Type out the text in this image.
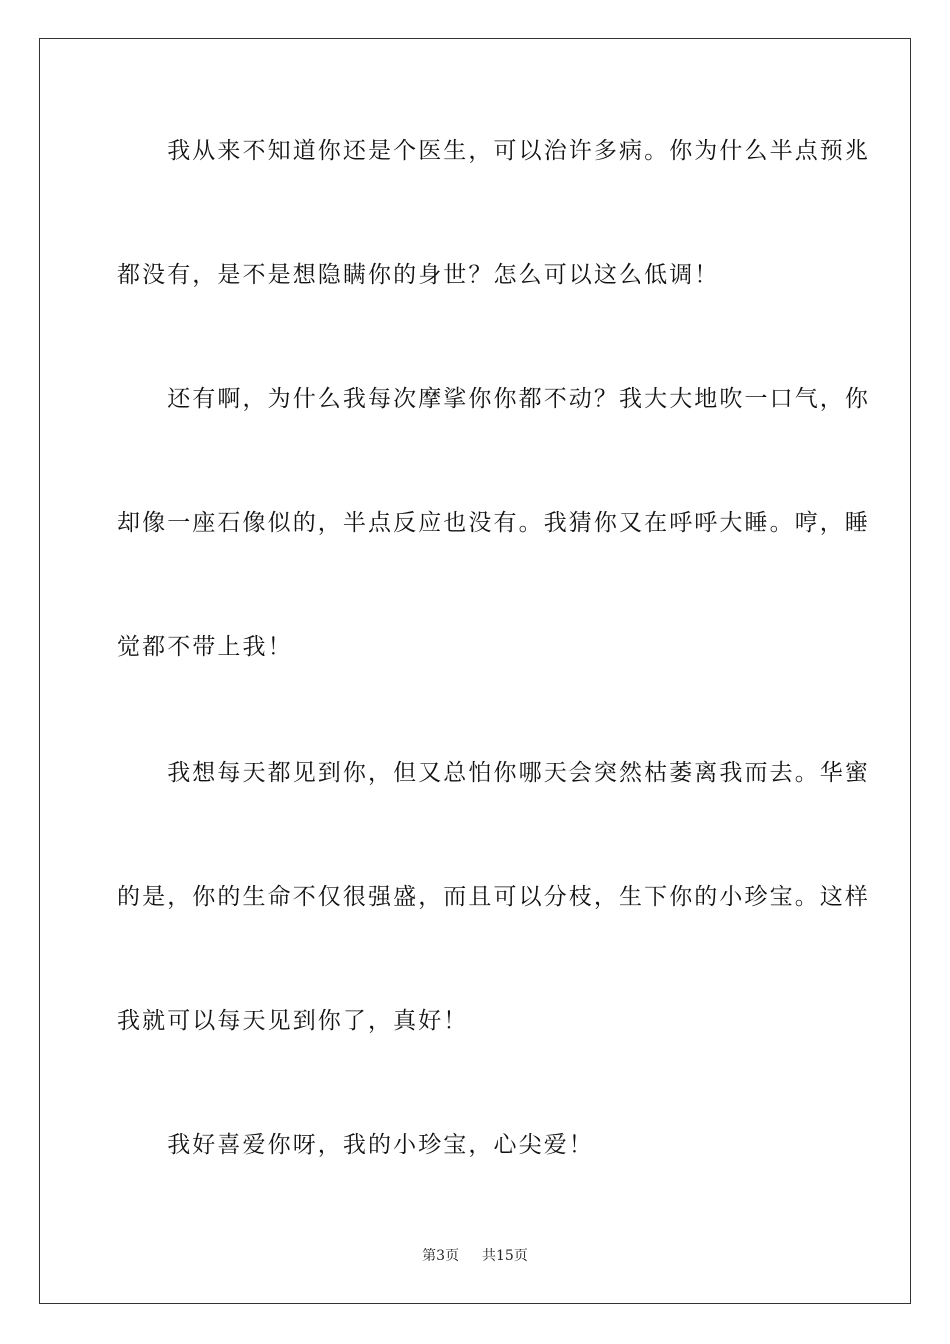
　　我从来不知道你还是个医生，可以治许多病。你为什么半点预兆
都没有，是不是想隐瞒你的身世？怎么可以这么低调！
　　还有啊，为什么我每次摩挲你你都不动？我大大地吹一口气，你
却像一座石像似的，半点反应也没有。我猜你又在呼呼大睡。哼，睡
觉都不带上我！
　　我想每天都见到你，但又总怕你哪天会突然枯萎离我而去。华蜜
的是，你的生命不仅很强盛，而且可以分枝，生下你的小珍宝。这样
我就可以每天见到你了，真好！
　　我好喜爱你呀，我的小珍宝，心尖爱！
第3页 共15页
